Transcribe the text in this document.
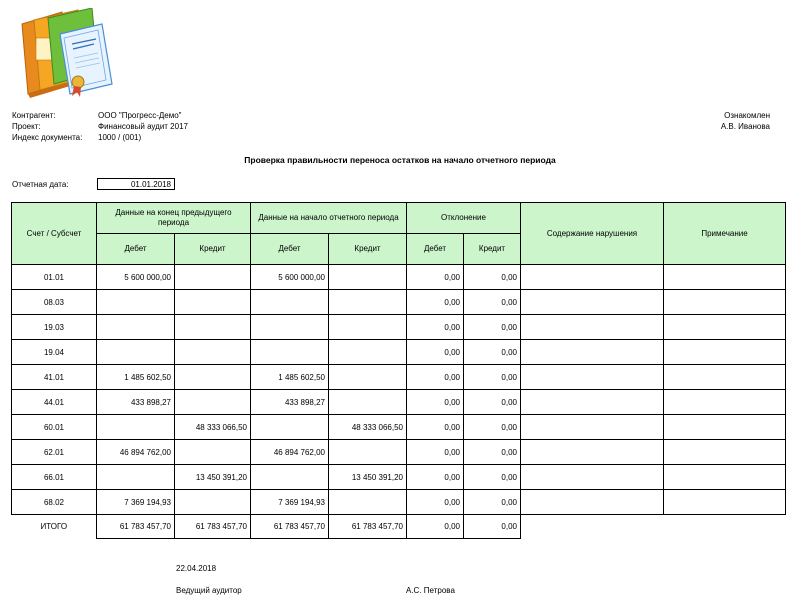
Контрагент:	ООО "Прогресс-Демо"
Проект:	Финансовый аудит 2017
Индекс документа: 1000 / (001)
Ознакомлен
А.В. Иванова
Проверка правильности переноса остатков на начало отчетного периода
Отчетная дата:	01.01.2018
Счет / Субсчет	Данные на конец предыдущего периода		Данные на начало отчетного периода		Отклонение		Содержание нарушения	Примечание
	Дебет	Кредит	Дебет	Кредит	Дебет	Кредит		
01.01	5 600 000,00		5 600 000,00		0,00	0,00		
08.03					0,00	0,00		
19.03					0,00	0,00		
19.04					0,00	0,00		
41.01	1 485 602,50		1 485 602,50		0,00	0,00		
44.01	433 898,27		433 898,27		0,00	0,00		
60.01		48 333 066,50		48 333 066,50	0,00	0,00		
62.01	46 894 762,00		46 894 762,00		0,00	0,00		
66.01		13 450 391,20		13 450 391,20	0,00	0,00		
68.02	7 369 194,93		7 369 194,93		0,00	0,00		
ИТОГО	61 783 457,70	61 783 457,70	61 783 457,70	61 783 457,70	0,00	0,00		
22.04.2018
Ведущий аудитор	А.С. Петрова
